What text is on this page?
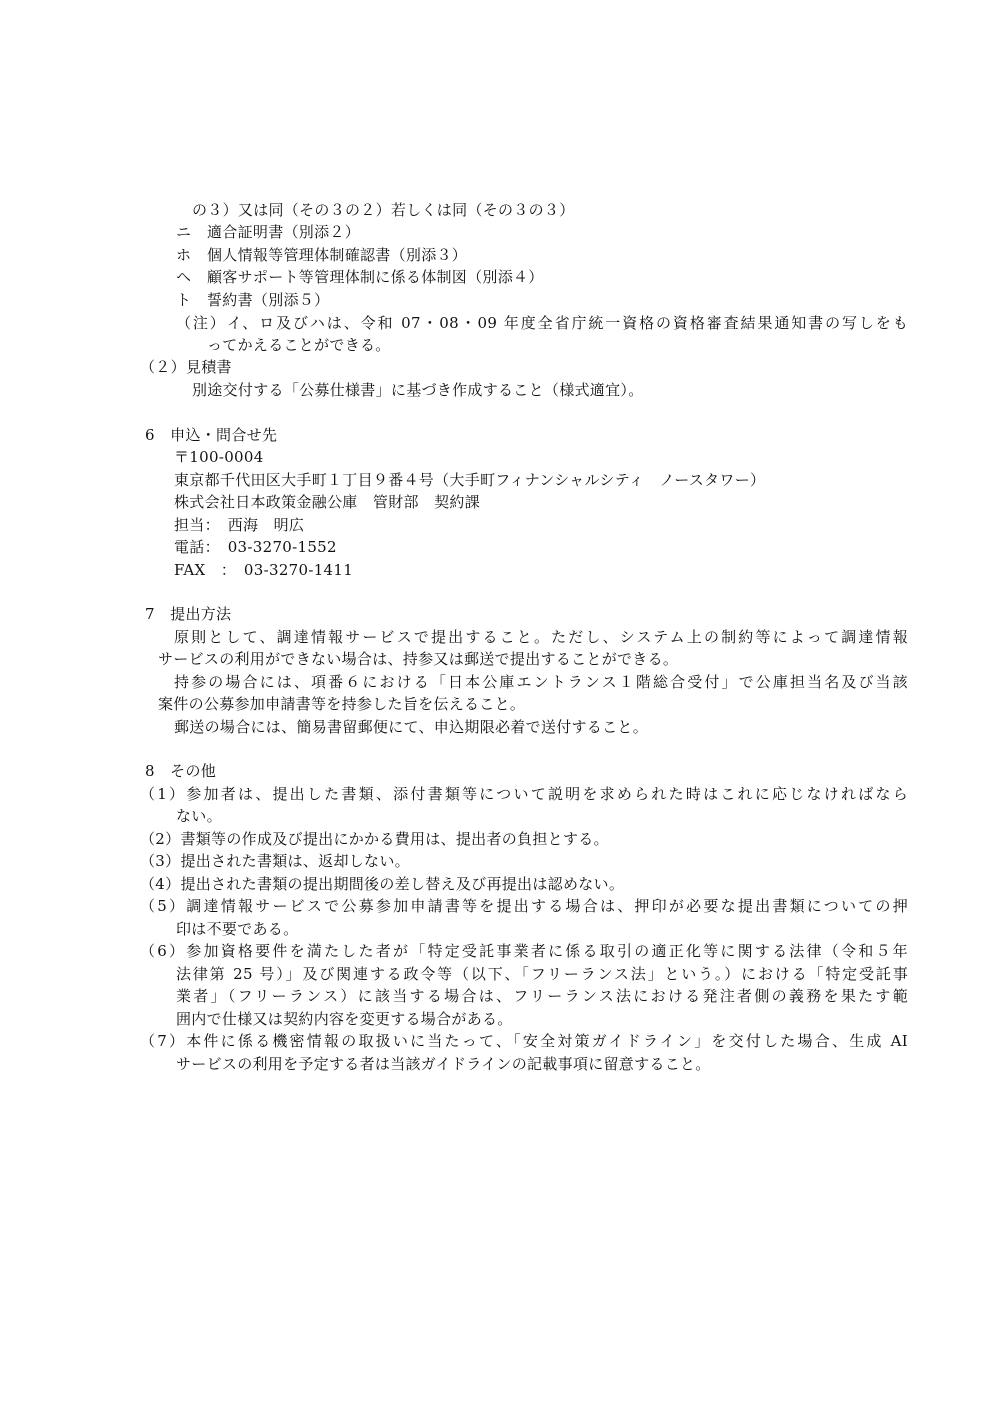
の３）又は同（その３の２）若しくは同（その３の３）
ニ 適合証明書（別添２）
ホ 個人情報等管理体制確認書（別添３）
ヘ 顧客サポート等管理体制に係る体制図（別添４）
ト 誓約書（別添５）
（注）イ、ロ及びハは、令和 07・08・09 年度全省庁統一資格の資格審査結果通知書の写しをも
ってかえることができる。
（２）見積書
別途交付する「公募仕様書」に基づき作成すること（様式適宜）。
6　申込・問合せ先
〒100-0004
東京都千代田区大手町１丁目９番４号（大手町フィナンシャルシティ　ノースタワー）
株式会社日本政策金融公庫　管財部　契約課
担当：　西海　明広
電話：　03-3270-1552
FAX　：　03-3270-1411
7　提出方法
原則として、調達情報サービスで提出すること。ただし、システム上の制約等によって調達情報
サービスの利用ができない場合は、持参又は郵送で提出することができる。
持参の場合には、項番６における「日本公庫エントランス１階総合受付」で公庫担当名及び当該
案件の公募参加申請書等を持参した旨を伝えること。
郵送の場合には、簡易書留郵便にて、申込期限必着で送付すること。
8　その他
（1）参加者は、提出した書類、添付書類等について説明を求められた時はこれに応じなければなら
ない。
（2）書類等の作成及び提出にかかる費用は、提出者の負担とする。
（3）提出された書類は、返却しない。
（4）提出された書類の提出期間後の差し替え及び再提出は認めない。
（5）調達情報サービスで公募参加申請書等を提出する場合は、押印が必要な提出書類についての押
印は不要である。
（6）参加資格要件を満たした者が「特定受託事業者に係る取引の適正化等に関する法律（令和５年
法律第 25 号）」及び関連する政令等（以下、「フリーランス法」という。）における「特定受託事
業者」（フリーランス）に該当する場合は、フリーランス法における発注者側の義務を果たす範
囲内で仕様又は契約内容を変更する場合がある。
（7）本件に係る機密情報の取扱いに当たって、「安全対策ガイドライン」を交付した場合、生成 AI
サービスの利用を予定する者は当該ガイドラインの記載事項に留意すること。
